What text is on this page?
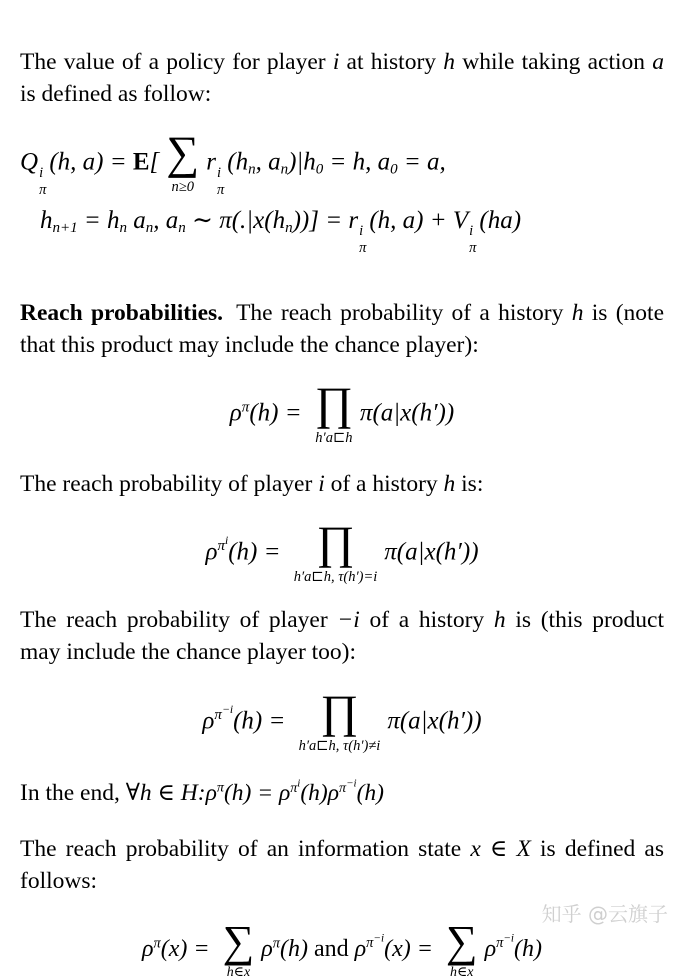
The value of a policy for player i at history h while taking action a is defined as follow:

Q i
π
(h, a) = E[ ∑
n≥0
r i
π
($h_n$, $a_n)|h_0 = h$, $a_0 = a$,
$h_{n+1} = h_n$ $a_n$, $a_n$ ∼ $\pi(.|x(h_n))] = r$ i
π
(h, a) + V i
π
(ha)

Reach probabilities. The reach probability of a history h is (note that this product may include the chance player):

$\rho^\pi(h)$ = ∏
h′a⊏h
π(a|x(h′))

The reach probability of player i of a history h is:

$\rho^{\pi^i}(h)$ = ∏
h′a⊏h, τ(h′)=i
π(a|x(h′))

The reach probability of player −i of a history h is (this product may include the chance player too):

$\rho^{\pi^{-i}}(h)$ = ∏
h′a⊏h, τ(h′)≠i
π(a|x(h′))

In the end, ∀h ∈ $H:\rho^\pi(h) = \rho^{\pi^i}(h)\rho^{\pi^{-i}}(h)$

The reach probability of an information state x ∈ X is defined as follows:

$\rho^\pi(x)$ = ∑
h∈x
$\rho^\pi(h)$ and $\rho^{\pi^{-i}}(x)$ = ∑
h∈x
$\rho^{\pi^{-i}}(h)$
知乎 @云旗子
